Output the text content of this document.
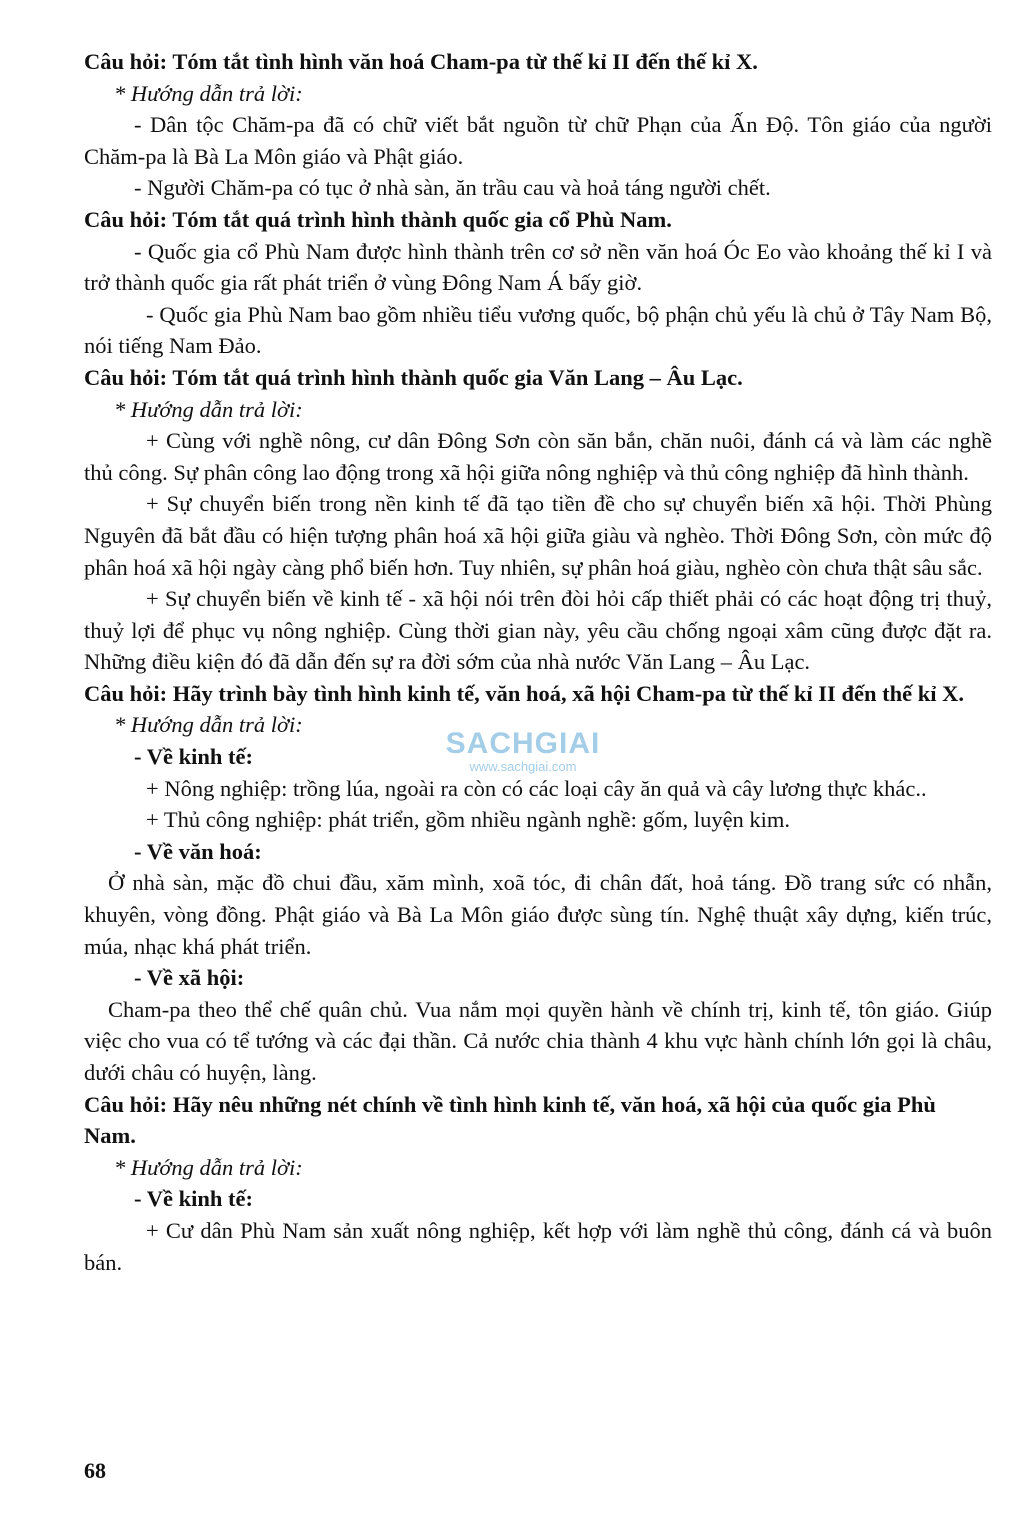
Câu hỏi: Tóm tắt tình hình văn hoá Cham-pa từ thế kỉ II đến thế kỉ X.

* Hướng dẫn trả lời:

- Dân tộc Chăm-pa đã có chữ viết bắt nguồn từ chữ Phạn của Ấn Độ. Tôn giáo của người Chăm-pa là Bà La Môn giáo và Phật giáo.

- Người Chăm-pa có tục ở nhà sàn, ăn trầu cau và hoả táng người chết.

Câu hỏi: Tóm tắt quá trình hình thành quốc gia cổ Phù Nam.

- Quốc gia cổ Phù Nam được hình thành trên cơ sở nền văn hoá Óc Eo vào khoảng thế kỉ I và trở thành quốc gia rất phát triển ở vùng Đông Nam Á bấy giờ.

- Quốc gia Phù Nam bao gồm nhiều tiểu vương quốc, bộ phận chủ yếu là chủ ở Tây Nam Bộ, nói tiếng Nam Đảo.

Câu hỏi: Tóm tắt quá trình hình thành quốc gia Văn Lang – Âu Lạc.

* Hướng dẫn trả lời:

+ Cùng với nghề nông, cư dân Đông Sơn còn săn bắn, chăn nuôi, đánh cá và làm các nghề thủ công. Sự phân công lao động trong xã hội giữa nông nghiệp và thủ công nghiệp đã hình thành.

+ Sự chuyển biến trong nền kinh tế đã tạo tiền đề cho sự chuyển biến xã hội. Thời Phùng Nguyên đã bắt đầu có hiện tượng phân hoá xã hội giữa giàu và nghèo. Thời Đông Sơn, còn mức độ phân hoá xã hội ngày càng phổ biến hơn. Tuy nhiên, sự phân hoá giàu, nghèo còn chưa thật sâu sắc.

+ Sự chuyển biến về kinh tế - xã hội nói trên đòi hỏi cấp thiết phải có các hoạt động trị thuỷ, thuỷ lợi để phục vụ nông nghiệp. Cùng thời gian này, yêu cầu chống ngoại xâm cũng được đặt ra. Những điều kiện đó đã dẫn đến sự ra đời sớm của nhà nước Văn Lang – Âu Lạc.

Câu hỏi: Hãy trình bày tình hình kinh tế, văn hoá, xã hội Cham-pa từ thế kỉ II đến thế kỉ X.

* Hướng dẫn trả lời:

- Về kinh tế:

+ Nông nghiệp: trồng lúa, ngoài ra còn có các loại cây ăn quả và cây lương thực khác..

+ Thủ công nghiệp: phát triển, gồm nhiều ngành nghề: gốm, luyện kim.

- Về văn hoá:

Ở nhà sàn, mặc đồ chui đầu, xăm mình, xoã tóc, đi chân đất, hoả táng. Đồ trang sức có nhẫn, khuyên, vòng đồng. Phật giáo và Bà La Môn giáo được sùng tín. Nghệ thuật xây dựng, kiến trúc, múa, nhạc khá phát triển.

- Về xã hội:

Cham-pa theo thể chế quân chủ. Vua nắm mọi quyền hành về chính trị, kinh tế, tôn giáo. Giúp việc cho vua có tể tướng và các đại thần. Cả nước chia thành 4 khu vực hành chính lớn gọi là châu, dưới châu có huyện, làng.

Câu hỏi: Hãy nêu những nét chính về tình hình kinh tế, văn hoá, xã hội của quốc gia Phù Nam.

* Hướng dẫn trả lời:

- Về kinh tế:

+ Cư dân Phù Nam sản xuất nông nghiệp, kết hợp với làm nghề thủ công, đánh cá và buôn bán.

SACHGIAI
www.sachgiai.com
68
